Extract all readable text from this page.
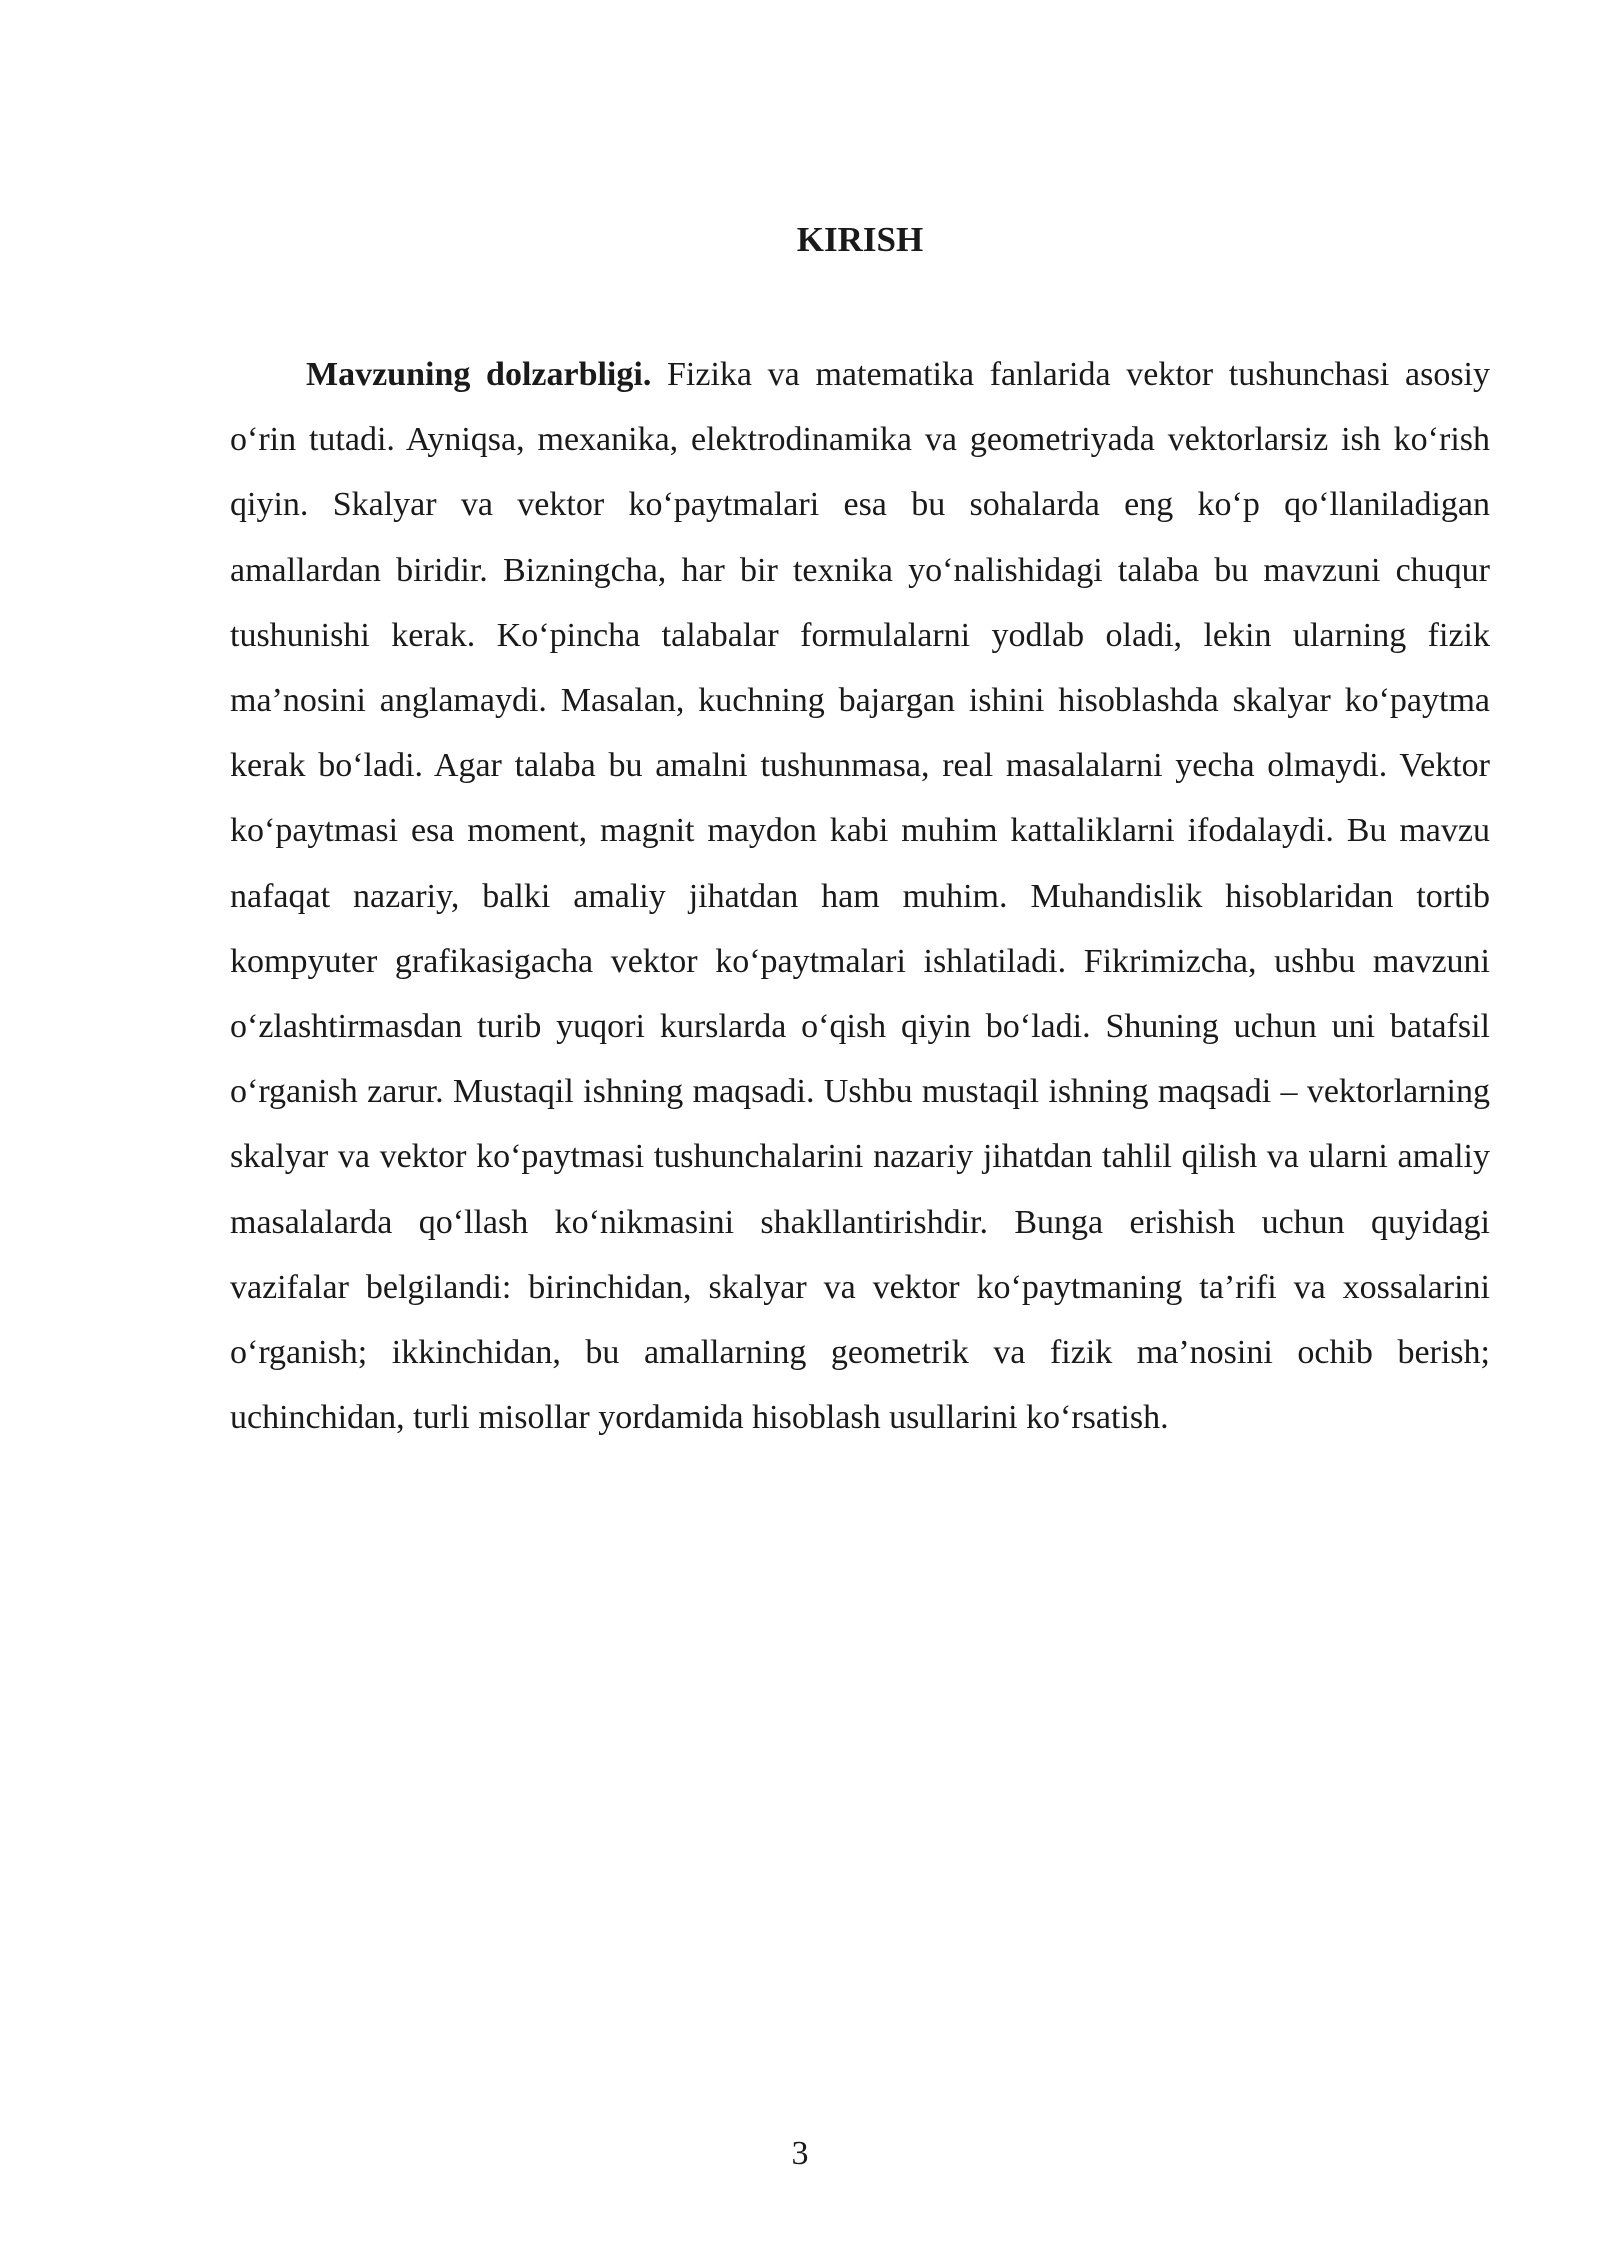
KIRISH

Mavzuning dolzarbligi. Fizika va matematika fanlarida vektor tushunchasi asosiy o‘rin tutadi. Ayniqsa, mexanika, elektrodinamika va geometriyada vektorlarsiz ish ko‘rish qiyin. Skalyar va vektor ko‘paytmalari esa bu sohalarda eng ko‘p qo‘llaniladigan amallardan biridir. Bizningcha, har bir texnika yo‘nalishidagi talaba bu mavzuni chuqur tushunishi kerak. Ko‘pincha talabalar formulalarni yodlab oladi, lekin ularning fizik ma’nosini anglamaydi. Masalan, kuchning bajargan ishini hisoblashda skalyar ko‘paytma kerak bo‘ladi. Agar talaba bu amalni tushunmasa, real masalalarni yecha olmaydi. Vektor ko‘paytmasi esa moment, magnit maydon kabi muhim kattaliklarni ifodalaydi. Bu mavzu nafaqat nazariy, balki amaliy jihatdan ham muhim. Muhandislik hisoblaridan tortib kompyuter grafikasigacha vektor ko‘paytmalari ishlatiladi. Fikrimizcha, ushbu mavzuni o‘zlashtirmasdan turib yuqori kurslarda o‘qish qiyin bo‘ladi. Shuning uchun uni batafsil o‘rganish zarur. Mustaqil ishning maqsadi. Ushbu mustaqil ishning maqsadi – vektorlarning skalyar va vektor ko‘paytmasi tushunchalarini nazariy jihatdan tahlil qilish va ularni amaliy masalalarda qo‘llash ko‘nikmasini shakllantirishdir. Bunga erishish uchun quyidagi vazifalar belgilandi: birinchidan, skalyar va vektor ko‘paytmaning ta’rifi va xossalarini o‘rganish; ikkinchidan, bu amallarning geometrik va fizik ma’nosini ochib berish; uchinchidan, turli misollar yordamida hisoblash usullarini ko‘rsatish.

3
